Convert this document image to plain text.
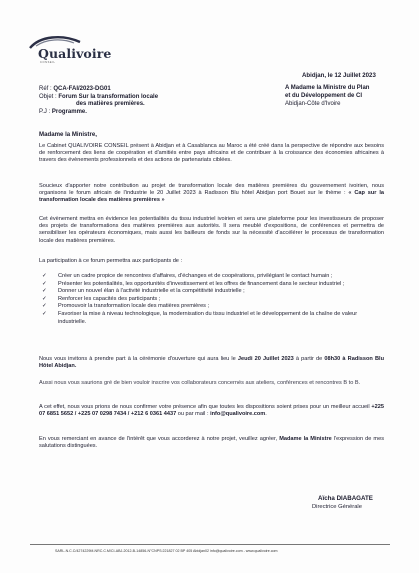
Qualivoire
CONSEIL
Abidjan, le 12 Juillet 2023
A Madame la Ministre du Plan
et du Développement de CI
Abidjan-Côte d'Ivoire
Réf : QCA-FAI/2023-DG01
Objet : Forum Sur la transformation locale
des matières premières.
P.J : Programme.
Madame la Ministre,
Le Cabinet QUALIVOIRE CONSEIL présent à Abidjan et à Casablanca au Maroc a été créé dans la perspective de répondre aux besoins de renforcement des liens de coopération et d'amitiés entre pays africains et de contribuer à la croissance des économies africaines à travers des évènements professionnels et des actions de partenariats ciblées.
Soucieux d'apporter notre contribution au projet de transformation locale des matières premières du gouvernement ivoirien, nous organisons le forum africain de l'industrie le 20 Juillet 2023 à Radisson Blu hôtel Abidjan port Bouet sur le thème : « Cap sur la transformation locale des matières premières »
Cet évènement mettra en évidence les potentialités du tissu industriel ivoirien et sera une plateforme pour les investisseurs de proposer des projets de transformations des matières premières aux autorités. Il sera meublé d'expositions, de conférences et permettra de sensibiliser les opérateurs économiques, mais aussi les bailleurs de fonds sur la nécessité d'accélérer le processus de transformation locale des matières premières.
La participation à ce forum permettra aux participants de :
✓ Créer un cadre propice de rencontres d'affaires, d'échanges et de coopérations, privilégiant le contact humain ;
✓ Présenter les potentialités, les opportunités d'investissement et les offres de financement dans le secteur industriel ;
✓ Donner un nouvel élan à l'activité industrielle et la compétitivité industrielle ;
✓ Renforcer les capacités des participants ;
✓ Promouvoir la transformation locale des matières premières ;
✓ Favoriser la mise à niveau technologique, la modernisation du tissu industriel et le développement de la chaîne de valeur industrielle.
Nous vous invitons à prendre part à la cérémonie d'ouverture qui aura lieu le Jeudi 20 Juillet 2023 à partir de 08h30 à Radisson Blu Hôtel Abidjan.
Aussi nous vous saurions gré de bien vouloir inscrire vos collaborateurs concernés aux ateliers, conférences et rencontres B to B.
A cet effet, nous vous prions de nous confirmer votre présence afin que toutes les dispositions soient prises pour un meilleur accueil +225 07 6851 5652 / +225 07 0298 7434 / +212 6 0361 4437 ou par mail : info@qualivoire.com.
En vous remerciant en avance de l'intérêt que vous accorderez à notre projet, veuillez agréer, Madame la Ministre l'expression de mes salutations distinguées.
Aïcha DIABAGATE
Directrice Générale
SARL-N.C.C/4274229M-NRC.C.M/CI-ABJ-2012-B-14856-N°CNPS:221827 02 BP 405 Abidjan02 info@qualivoire.com - www.qualivoire.com
